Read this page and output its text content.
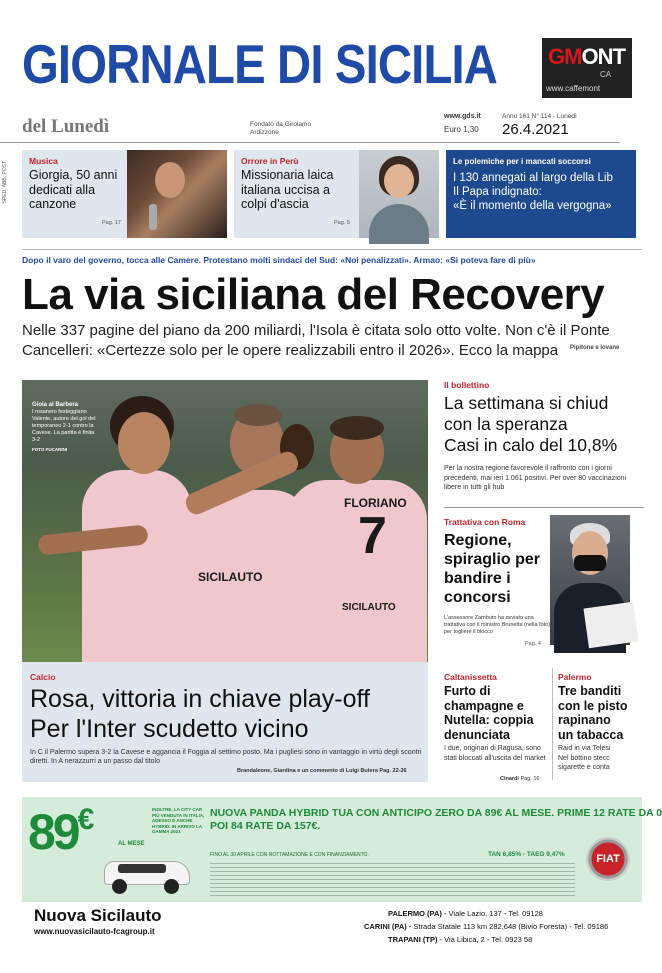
GIORNALE DI SICILIA GMONT
CA
www.caffemont
del Lunedì	Fondato da Girolamo Ardizzone
www.gds.it
Euro 1,30
Anno 161 N° 114 - Lunedì
26.4.2021
SPED. ABB. POST. Musica
Giorgia, 50 anni dedicati alla canzone
Pag. 17
Orrore in Perù
Missionaria laica italiana uccisa a colpi d'ascia
Pag. 5
Le polemiche per i mancati soccorsi
I 130 annegati al largo della Lib
Il Papa indignato:
«È il momento della vergogna»
Dopo il varo del governo, tocca alle Camere. Protestano molti sindaci del Sud: «Noi penalizzati». Armao: «Si poteva fare di più»
La via siciliana del Recovery
Nelle 337 pagine del piano da 200 miliardi, l'Isola è citata solo otto volte. Non c'è il Ponte
Cancelleri: «Certezze solo per le opere realizzabili entro il 2026». Ecco la mappa	Pipitone e Iovane
Gioia al Barbera
I rosanero festeggiano Valente, autore del gol del temporaneo 2-1 contro la Cavese. La partita è finita 3-2
FOTO FUCARINI
SICILAUTO
FLORIANO
7
SICILAUTO
Calcio
Rosa, vittoria in chiave play-off
Per l'Inter scudetto vicino
In C il Palermo supera 3-2 la Cavese e aggancia il Foggia al settimo posto. Ma i pugliesi sono in vantaggio in virtù degli scontri diretti. In A nerazzurri a un passo dal titolo
Brandaleone, Giardina e un commento di Luigi Butera Pag. 22-26
Il bollettino
La settimana si chiud
con la speranza
Casi in calo del 10,8%
Per la nostra regione favorevole il raffronto con i giorni precedenti, mai ieri 1.061 positivi. Per over 80 vaccinazioni libere in tutti gli hub
Trattativa con Roma
Regione, spiraglio per bandire i concorsi
L'assessore Zambuto ha avviato una trattativa con il ministro Brunetta (nella foto) per togliere il blocco
Pag. 4
Caltanissetta
Furto di champagne e Nutella: coppia denunciata
I due, originari di Ragusa, sono stati bloccati all'uscita del market
Cinardi Pag. 16
Palermo
Tre banditi
con le pisto
rapinano
un tabacca
Raid in via Telesi
Nel bottino stecc
sigarette e conta
89€
AL MESE
INOLTRE, LA CITY CAR PIÙ VENDUTA IN ITALIA, ADESSO È ANCHE HYBRID. IN ARRIVO LA GAMMA 2021
NUOVA PANDA HYBRID TUA CON ANTICIPO ZERO DA 89€ AL MESE. PRIME 12 RATE DA 0
POI 84 RATE DA 157€.
FINO AL 30 APRILE CON ROTTAMAZIONE E CON FINANZIAMENTO.	TAN 6,85% - TAEG 9,47%	FIAT
Nuova Sicilauto
www.nuovasicilauto-fcagroup.it
PALERMO (PA) - Viale Lazio, 137 - Tel. 09128
CARINI (PA) - Strada Statale 113 km 282,648 (Bivio Foresta) - Tel. 09186
TRAPANI (TP) - Via Libica, 2 - Tel. 0923 58
